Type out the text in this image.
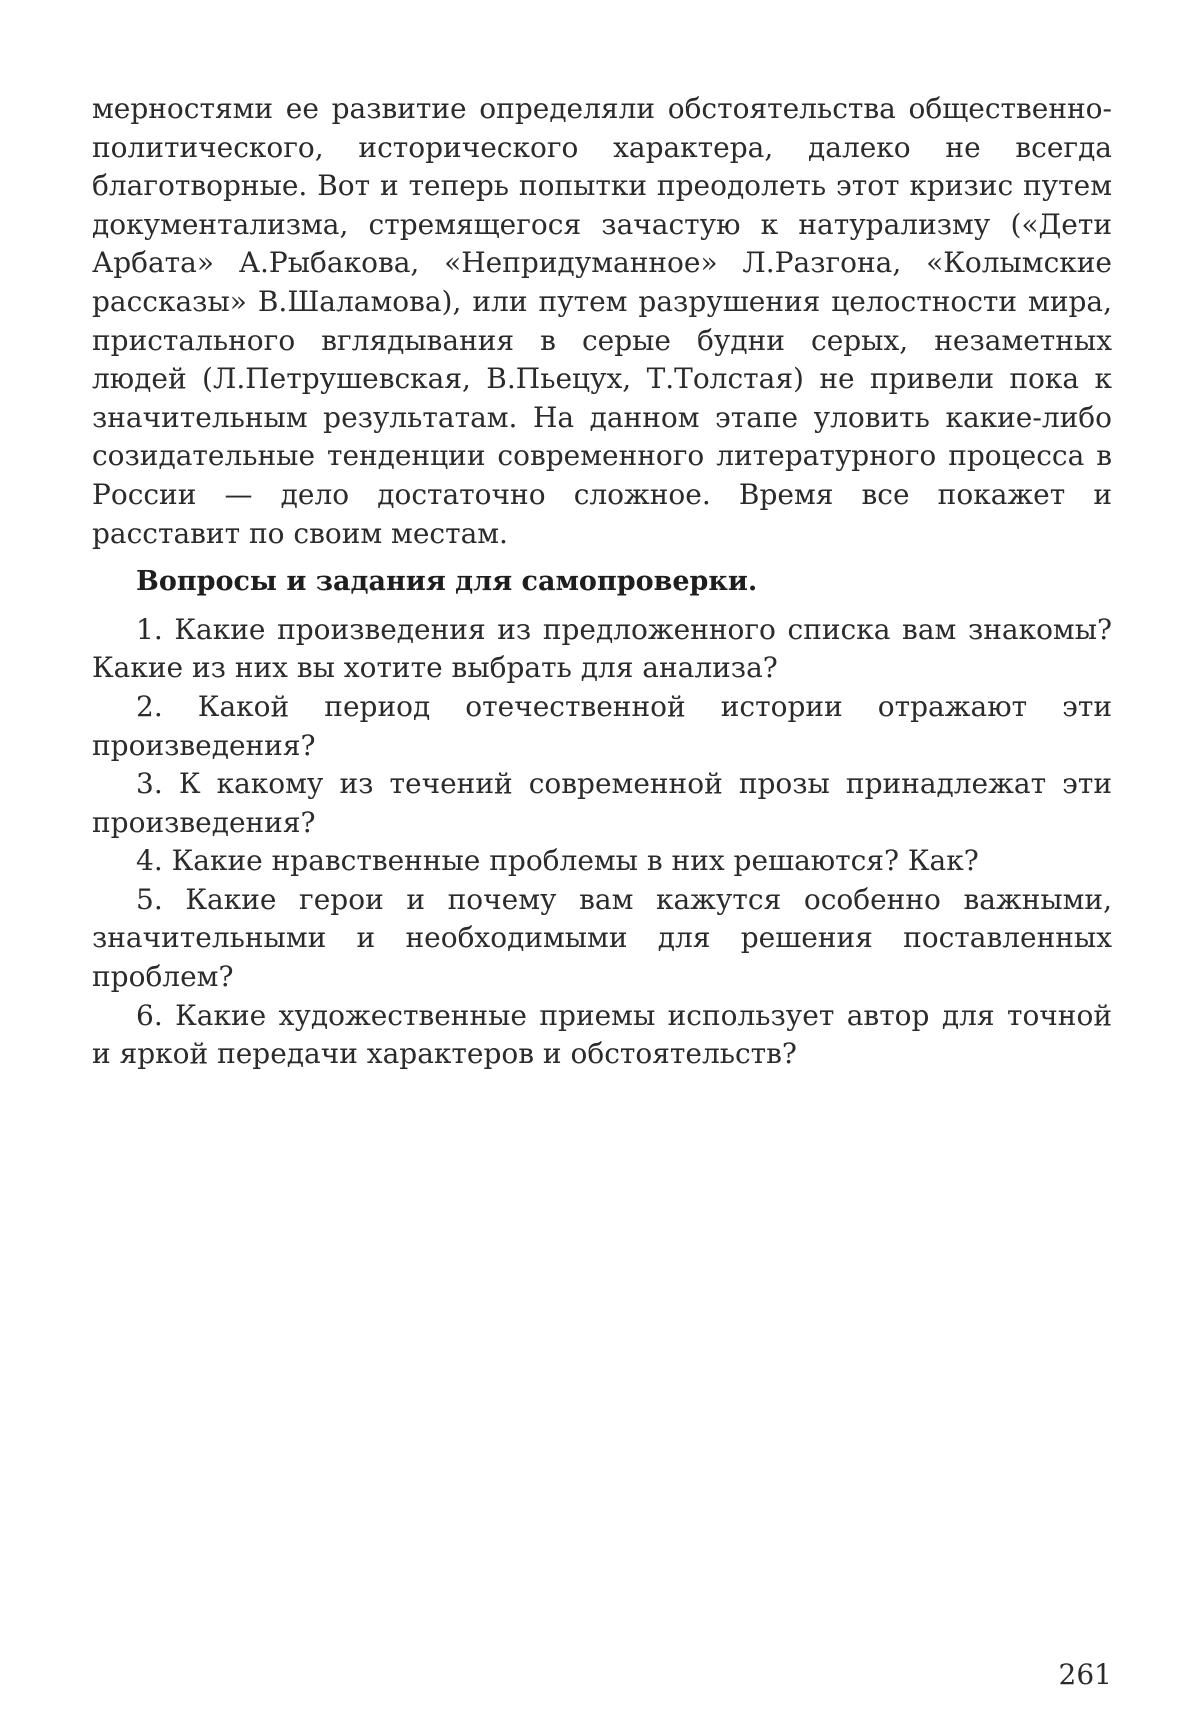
мерностями ее развитие определяли обстоятельства общественно-политического, исторического характера, далеко не всегда благотворные. Вот и теперь попытки преодолеть этот кризис путем документализма, стремящегося зачастую к натурализму («Дети Арбата» А.Рыбакова, «Непридуманное» Л.Разгона, «Колымские рассказы» В.Шаламова), или путем разрушения целостности мира, пристального вглядывания в серые будни серых, незаметных людей (Л.Петрушевская, В.Пьецух, Т.Толстая) не привели пока к значительным результатам. На данном этапе уловить какие-либо созидательные тенденции современного литературного процесса в России — дело достаточно сложное. Время все покажет и расставит по своим местам.

Вопросы и задания для самопроверки.

1. Какие произведения из предложенного списка вам знакомы? Какие из них вы хотите выбрать для анализа?

2. Какой период отечественной истории отражают эти произведения?

3. К какому из течений современной прозы принадлежат эти произведения?

4. Какие нравственные проблемы в них решаются? Как?

5. Какие герои и почему вам кажутся особенно важными, значительными и необходимыми для решения поставленных проблем?

6. Какие художественные приемы использует автор для точной и яркой передачи характеров и обстоятельств?

261
